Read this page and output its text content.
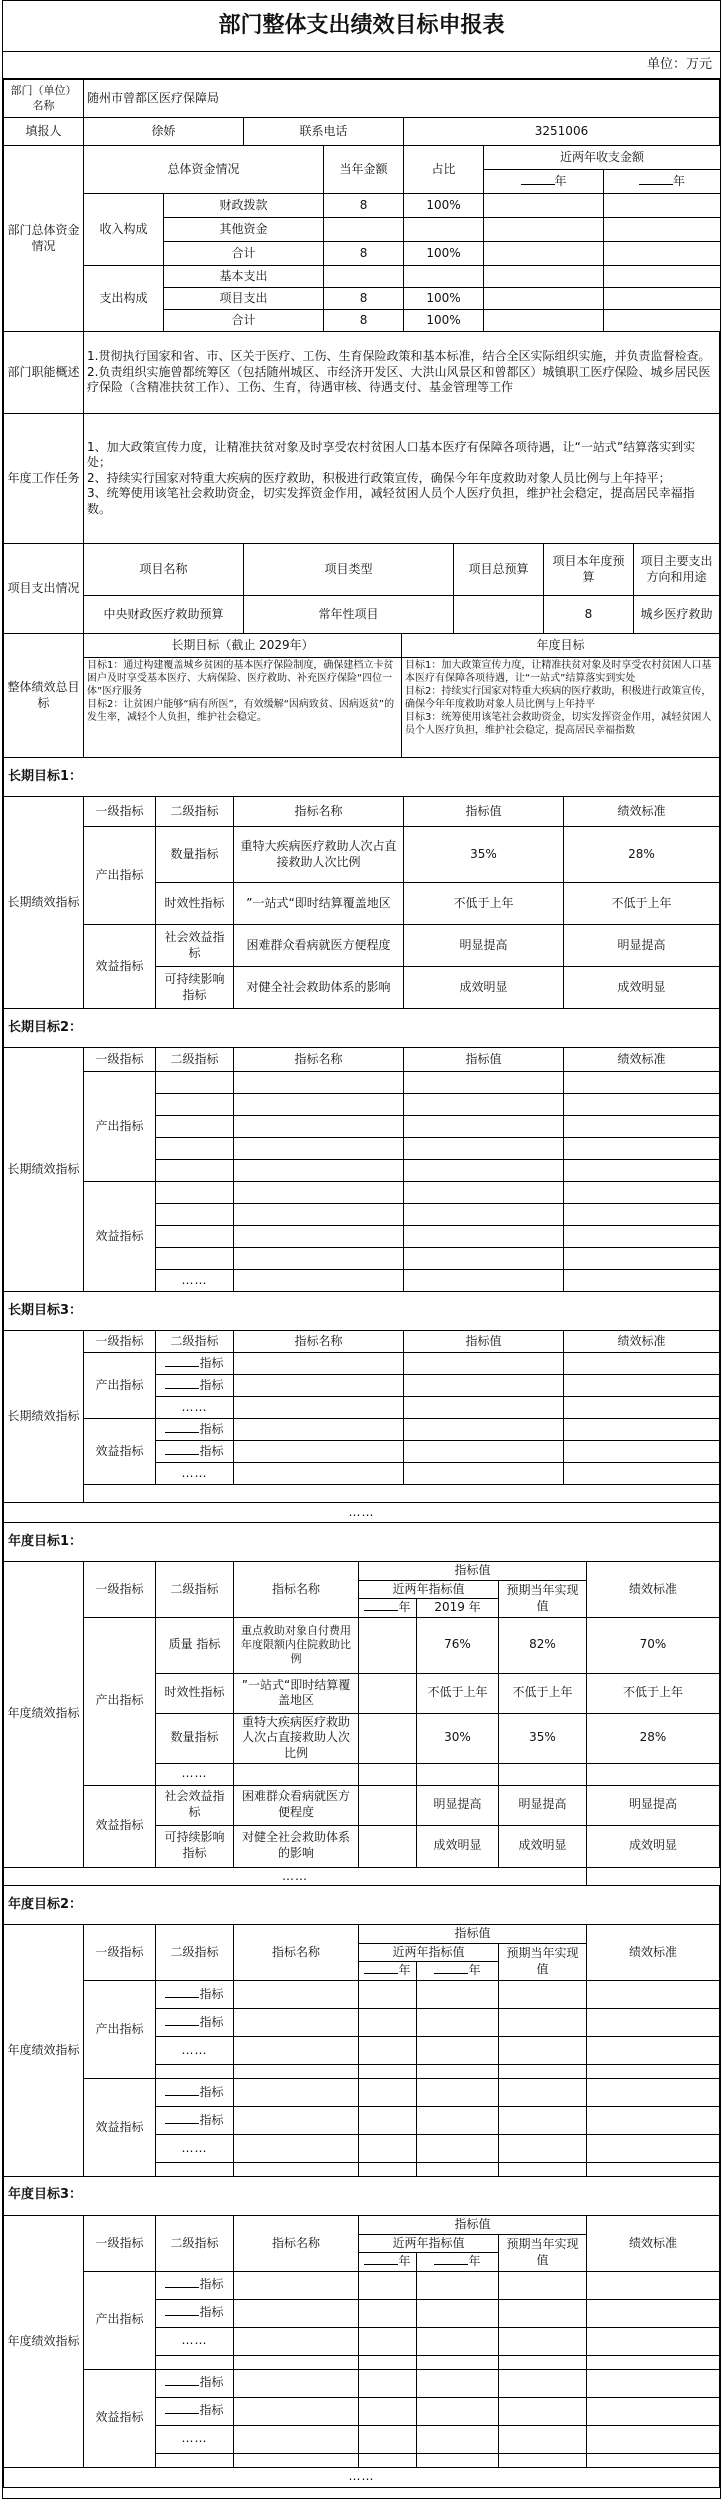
部门整体支出绩效目标申报表
单位：万元
部门（单位）名称	随州市曾都区医疗保障局		
填报人	徐娇	联系电话	3251006
部门总体资金情况	总体资金情况		当年金额	占比	近两年收支金额	
					年	年
	收入构成	财政拨款	8	100%		
		其他资金				
		合计	8	100%		
	支出构成	基本支出				
		项目支出	8	100%		
		合计	8	100%		
部门职能概述	1.贯彻执行国家和省、市、区关于医疗、工伤、生育保险政策和基本标准，结合全区实际组织实施，并负责监督检查。
2.负责组织实施曾都统筹区（包括随州城区、市经济开发区、大洪山风景区和曾都区）城镇职工医疗保险、城乡居民医疗保险（含精准扶贫工作）、工伤、生育，待遇审核、待遇支付、基金管理等工作
年度工作任务	1、加大政策宣传力度，让精准扶贫对象及时享受农村贫困人口基本医疗有保障各项待遇，让“一站式”结算落实到实处；
2、持续实行国家对特重大疾病的医疗救助，积极进行政策宣传，确保今年年度救助对象人员比例与上年持平；
3、统筹使用该笔社会救助资金，切实发挥资金作用，减轻贫困人员个人医疗负担，维护社会稳定，提高居民幸福指数。
项目支出情况	项目名称	项目类型	项目总预算	项目本年度预算	项目主要支出方向和用途
	中央财政医疗救助预算	常年性项目		8	城乡医疗救助
整体绩效总目标	长期目标（截止 2029年）	年度目标
	目标1：通过构建覆盖城乡贫困的基本医疗保险制度，确保建档立卡贫困户及时享受基本医疗、大病保险、医疗救助、补充医疗保险“四位一体”医疗服务
目标2：让贫困户能够“病有所医”，有效缓解“因病致贫、因病返贫”的发生率，减轻个人负担，维护社会稳定。	目标1：加大政策宣传力度，让精准扶贫对象及时享受农村贫困人口基本医疗有保障各项待遇，让“一站式”结算落实到实处
目标2：持续实行国家对特重大疾病的医疗救助，积极进行政策宣传，确保今年年度救助对象人员比例与上年持平
目标3：统筹使用该笔社会救助资金，切实发挥资金作用，减轻贫困人员个人医疗负担，维护社会稳定，提高居民幸福指数
长期目标1：					
长期绩效指标	一级指标	二级指标	指标名称	指标值	绩效标准
	产出指标	数量指标	重特大疾病医疗救助人次占直接救助人次比例	35%	28%
		时效性指标	”一站式“即时结算覆盖地区	不低于上年	不低于上年
	效益指标	社会效益指标	困难群众看病就医方便程度	明显提高	明显提高
		可持续影响指标	对健全社会救助体系的影响	成效明显	成效明显
长期目标2：					
长期绩效指标	一级指标	二级指标	指标名称	指标值	绩效标准
	产出指标				

	效益指标				

		……			
长期目标3：					
长期绩效指标	一级指标	二级指标	指标名称	指标值	绩效标准
	产出指标	指标			
		指标			
		……			
	效益指标	指标			
		指标			
		……			

……					
年度目标1：							
年度绩效指标	一级指标	二级指标	指标名称	指标值			绩效标准
				近两年指标值		预期当年实现值	
				年	2019 年		
	产出指标	质量 指标	重点救助对象自付费用年度限额内住院救助比例		76%	82%	70%
		时效性指标	”一站式“即时结算覆盖地区		不低于上年	不低于上年	不低于上年
		数量指标	重特大疾病医疗救助人次占直接救助人次比例		30%	35%	28%
		……					
	效益指标	社会效益指标	困难群众看病就医方便程度		明显提高	明显提高	明显提高
		可持续影响指标	对健全社会救助体系的影响		成效明显	成效明显	成效明显
……							
年度目标2：							
年度绩效指标	一级指标	二级指标	指标名称	指标值			绩效标准
				近两年指标值		预期当年实现值	
				年	年		
	产出指标	指标					
		指标					
		……					

	效益指标	指标					
		指标					
		……					

年度目标3：							
年度绩效指标	一级指标	二级指标	指标名称	指标值			绩效标准
				近两年指标值		预期当年实现值	
				年	年		
	产出指标	指标					
		指标					
		……					

	效益指标	指标					
		指标					
		……					

……							
